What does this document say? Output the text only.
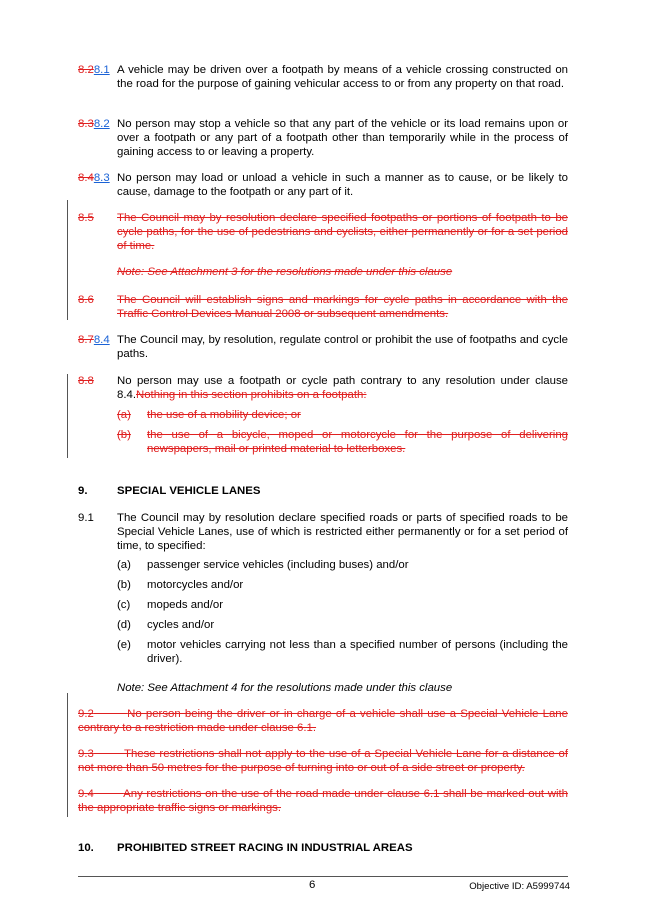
8.28.1 A vehicle may be driven over a footpath by means of a vehicle crossing constructed on the road for the purpose of gaining vehicular access to or from any property on that road.
8.38.2 No person may stop a vehicle so that any part of the vehicle or its load remains upon or over a footpath or any part of a footpath other than temporarily while in the process of gaining access to or leaving a property.
8.48.3 No person may load or unload a vehicle in such a manner as to cause, or be likely to cause, damage to the footpath or any part of it.
8.5 The Council may by resolution declare specified footpaths or portions of footpath to be cycle paths, for the use of pedestrians and cyclists, either permanently or for a set period of time.
Note: See Attachment 3 for the resolutions made under this clause
8.6 The Council will establish signs and markings for cycle paths in accordance with the Traffic Control Devices Manual 2008 or subsequent amendments.
8.78.4 The Council may, by resolution, regulate control or prohibit the use of footpaths and cycle paths.
8.8 No person may use a footpath or cycle path contrary to any resolution under clause 8.4.Nothing in this section prohibits on a footpath:
(a) the use of a mobility device; or
(b) the use of a bicycle, moped or motorcycle for the purpose of delivering newspapers, mail or printed material to letterboxes.
9.	SPECIAL VEHICLE LANES
9.1 The Council may by resolution declare specified roads or parts of specified roads to be Special Vehicle Lanes, use of which is restricted either permanently or for a set period of time, to specified:
(a) passenger service vehicles (including buses) and/or
(b) motorcycles and/or
(c) mopeds and/or
(d) cycles and/or
(e) motor vehicles carrying not less than a specified number of persons (including the driver).
Note: See Attachment 4 for the resolutions made under this clause
9.2	No person being the driver or in charge of a vehicle shall use a Special Vehicle Lane contrary to a restriction made under clause 6.1.
9.3	These restrictions shall not apply to the use of a Special Vehicle Lane for a distance of not more than 50 metres for the purpose of turning into or out of a side street or property.
9.4	Any restrictions on the use of the road made under clause 6.1 shall be marked out with the appropriate traffic signs or markings.
10. PROHIBITED STREET RACING IN INDUSTRIAL AREAS
6	Objective ID: A5999744
